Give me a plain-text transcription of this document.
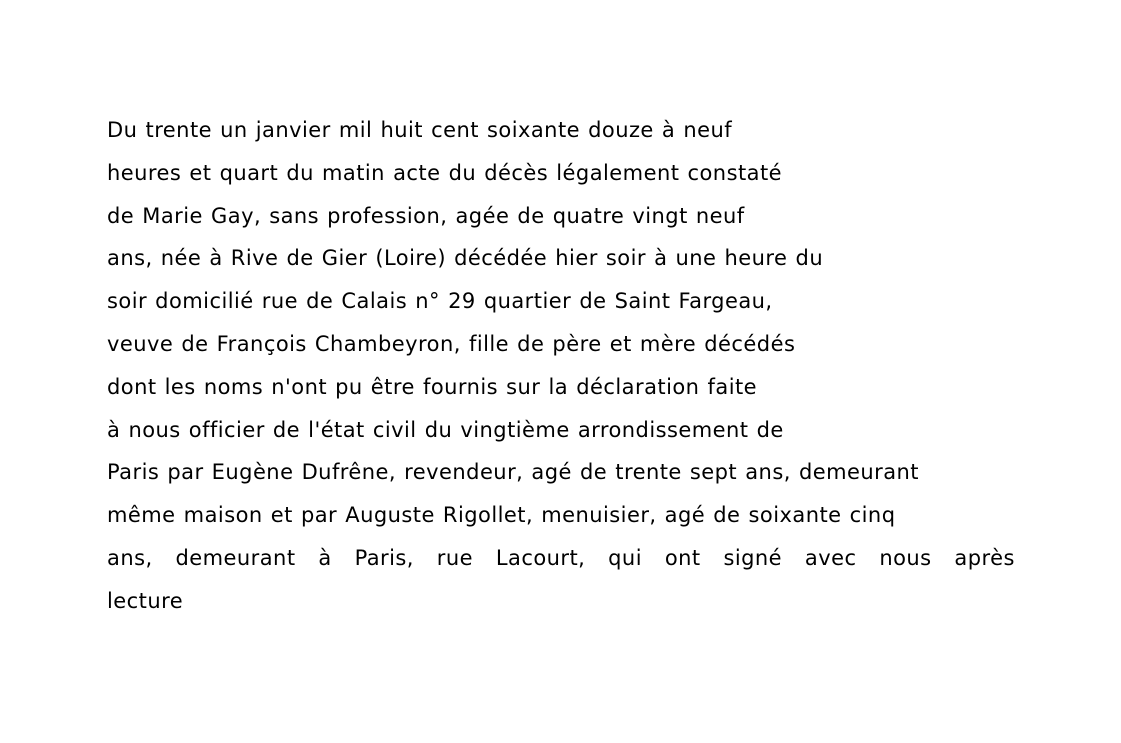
Du trente un janvier mil huit cent soixante douze à neuf
heures et quart du matin acte du décès légalement constaté
de Marie Gay, sans profession, agée de quatre vingt neuf
ans, née à Rive de Gier (Loire) décédée hier soir à une heure du
soir domicilié rue de Calais n° 29 quartier de Saint Fargeau,
veuve de François Chambeyron, fille de père et mère décédés
dont les noms n'ont pu être fournis sur la déclaration faite
à nous officier de l'état civil du vingtième arrondissement de
Paris par Eugène Dufrêne, revendeur, agé de trente sept ans, demeurant
même maison et par Auguste Rigollet, menuisier, agé de soixante cinq
ans, demeurant à Paris, rue Lacourt, qui ont signé avec nous après
lecture
